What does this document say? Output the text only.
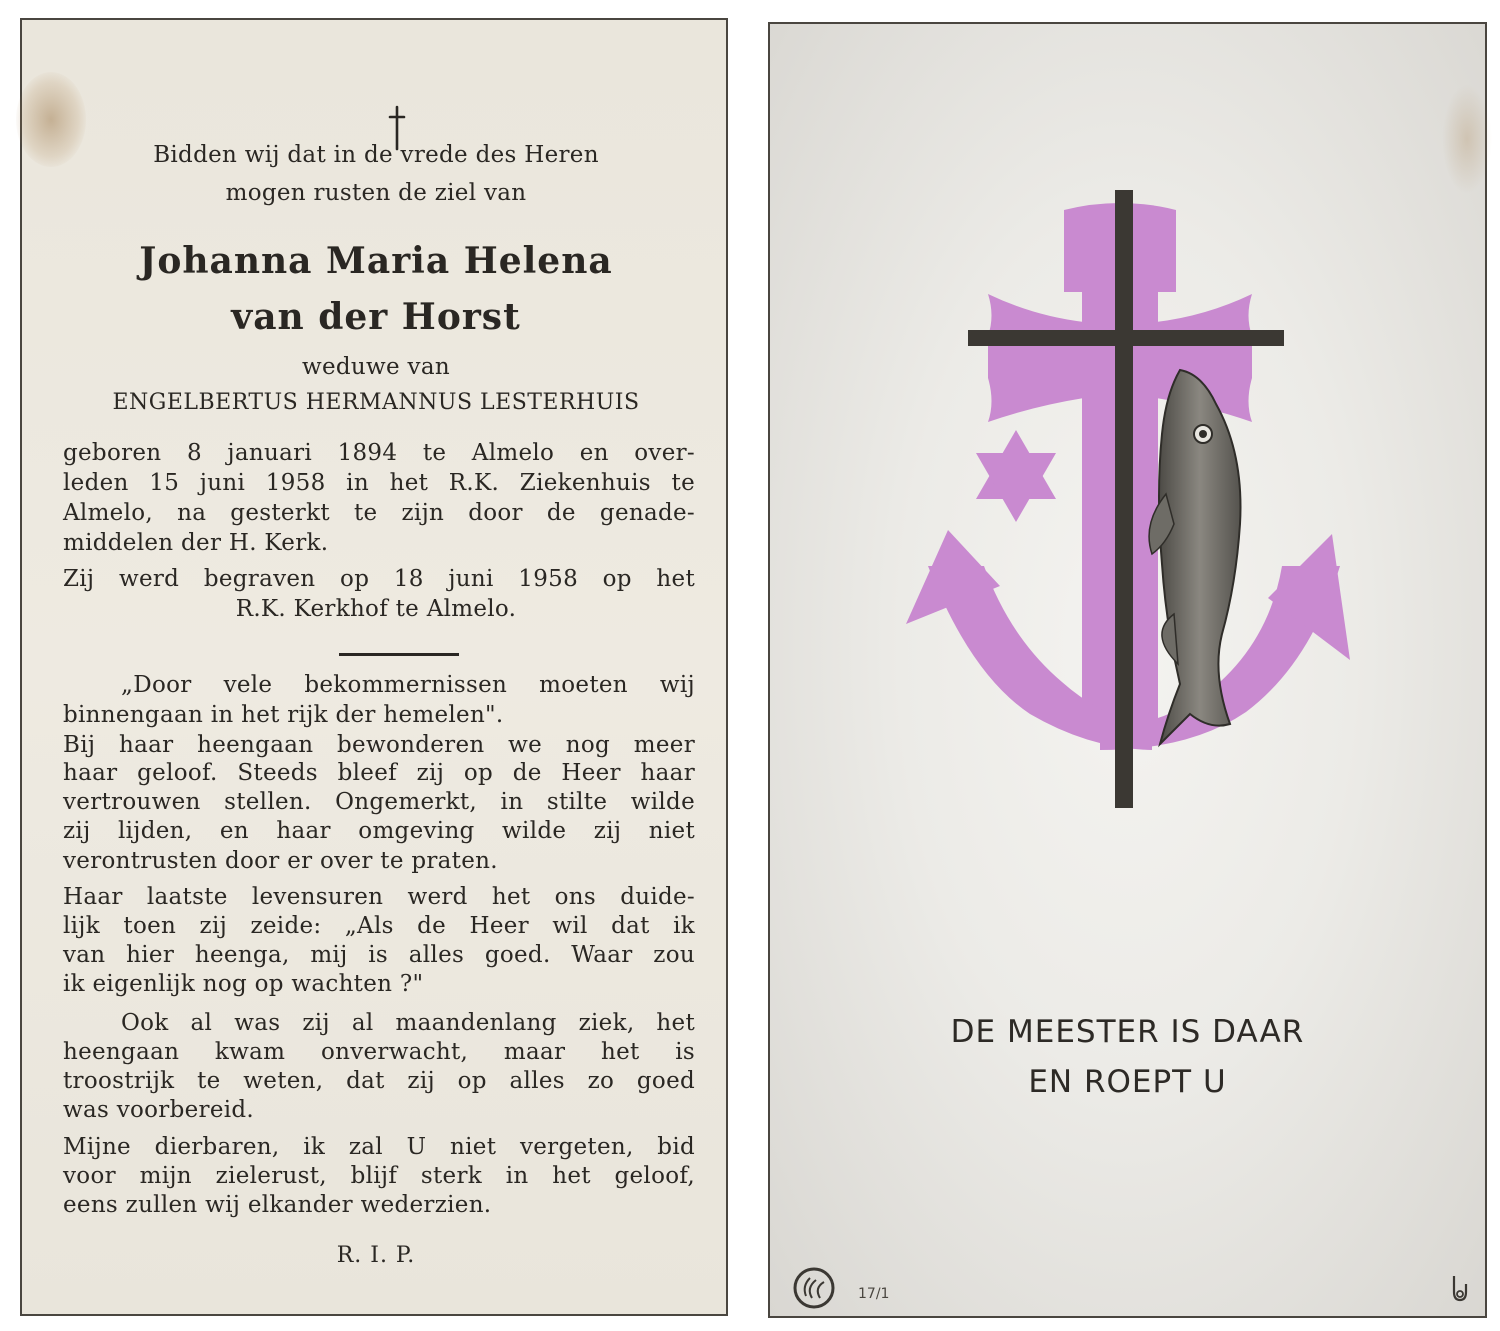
Bidden wij dat in de vrede des Heren

mogen rusten de ziel van

Johanna Maria Helena

van der Horst

weduwe van

ENGELBERTUS HERMANNUS LESTERHUIS

geboren 8 januari 1894 te Almelo en over-

leden 15 juni 1958 in het R.K. Ziekenhuis te

Almelo, na gesterkt te zijn door de genade-

middelen der H. Kerk.

Zij werd begraven op 18 juni 1958 op het

R.K. Kerkhof te Almelo.

„Door vele bekommernissen moeten wij

binnengaan in het rijk der hemelen".

Bij haar heengaan bewonderen we nog meer

haar geloof. Steeds bleef zij op de Heer haar

vertrouwen stellen. Ongemerkt, in stilte wilde

zij lijden, en haar omgeving wilde zij niet

verontrusten door er over te praten.

Haar laatste levensuren werd het ons duide-

lijk toen zij zeide: „Als de Heer wil dat ik

van hier heenga, mij is alles goed. Waar zou

ik eigenlijk nog op wachten ?"

Ook al was zij al maandenlang ziek, het

heengaan kwam onverwacht, maar het is

troostrijk te weten, dat zij op alles zo goed

was voorbereid.

Mijne dierbaren, ik zal U niet vergeten, bid

voor mijn zielerust, blijf sterk in het geloof,

eens zullen wij elkander wederzien.

R. I. P.

DE MEESTER IS DAAR

EN ROEPT U

17/1
